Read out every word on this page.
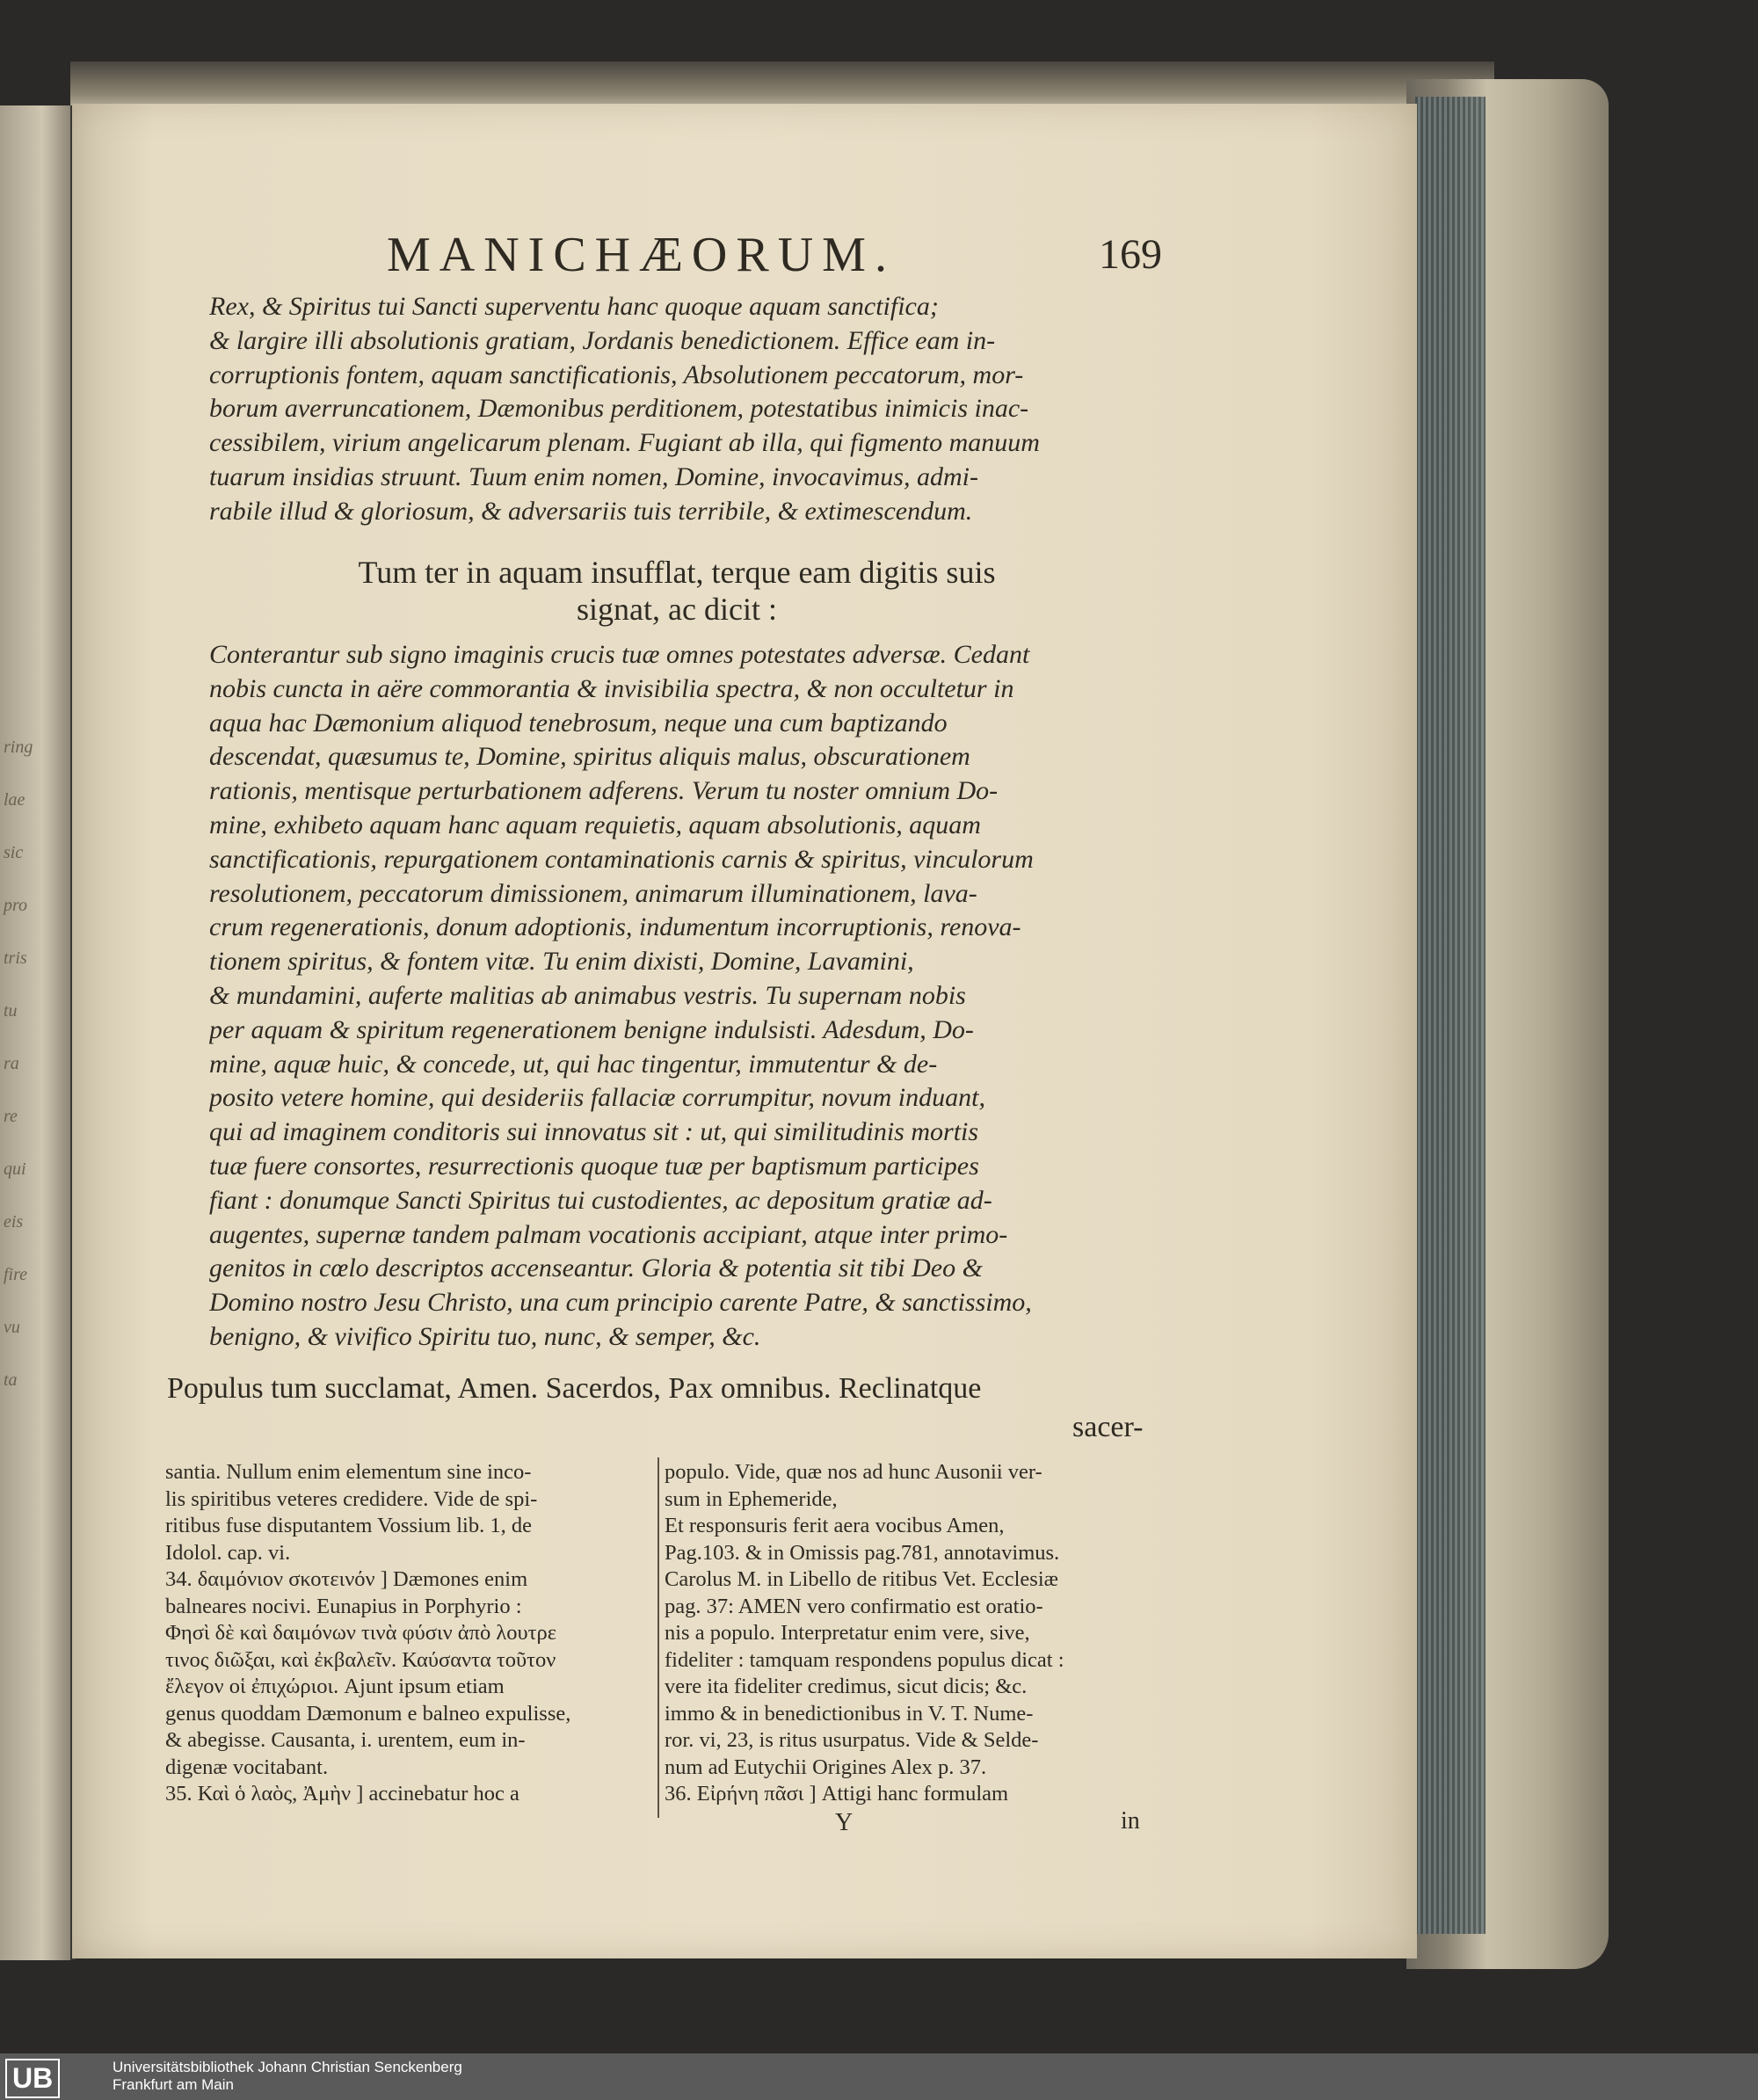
ring
lae
sic
pro
tris
tu
ra
re
qui
eis
fire
vu
ta
MANICHÆORUM.	169
Rex, & Spiritus tui Sancti superventu hanc quoque aquam sanctifica;
& largire illi absolutionis gratiam, Jordanis benedictionem. Effice eam in-
corruptionis fontem, aquam sanctificationis, Absolutionem peccatorum, mor-
borum averruncationem, Dæmonibus perditionem, potestatibus inimicis inac-
cessibilem, virium angelicarum plenam. Fugiant ab illa, qui figmento manuum
tuarum insidias struunt. Tuum enim nomen, Domine, invocavimus, admi-
rabile illud & gloriosum, & adversariis tuis terribile, & extimescendum.
Tum ter in aquam insufflat, terque eam digitis suis
signat, ac dicit :
Conterantur sub signo imaginis crucis tuæ omnes potestates adversæ. Cedant
nobis cuncta in aëre commorantia & invisibilia spectra, & non occultetur in
aqua hac Dæmonium aliquod tenebrosum, neque una cum baptizando
descendat, quæsumus te, Domine, spiritus aliquis malus, obscurationem
rationis, mentisque perturbationem adferens. Verum tu noster omnium Do-
mine, exhibeto aquam hanc aquam requietis, aquam absolutionis, aquam
sanctificationis, repurgationem contaminationis carnis & spiritus, vinculorum
resolutionem, peccatorum dimissionem, animarum illuminationem, lava-
crum regenerationis, donum adoptionis, indumentum incorruptionis, renova-
tionem spiritus, & fontem vitæ. Tu enim dixisti, Domine, Lavamini,
& mundamini, auferte malitias ab animabus vestris. Tu supernam nobis
per aquam & spiritum regenerationem benigne indulsisti. Adesdum, Do-
mine, aquæ huic, & concede, ut, qui hac tingentur, immutentur & de-
posito vetere homine, qui desideriis fallaciæ corrumpitur, novum induant,
qui ad imaginem conditoris sui innovatus sit : ut, qui similitudinis mortis
tuæ fuere consortes, resurrectionis quoque tuæ per baptismum participes
fiant : donumque Sancti Spiritus tui custodientes, ac depositum gratiæ ad-
augentes, supernæ tandem palmam vocationis accipiant, atque inter primo-
genitos in cœlo descriptos accenseantur. Gloria & potentia sit tibi Deo &
Domino nostro Jesu Christo, una cum principio carente Patre, & sanctissimo,
benigno, & vivifico Spiritu tuo, nunc, & semper, &c.
Populus tum succlamat, Amen. Sacerdos, Pax omnibus. Reclinatque
sacer-
santia. Nullum enim elementum sine inco-
lis spiritibus veteres credidere. Vide de spi-
ritibus fuse disputantem Vossium lib. 1, de
Idolol. cap. vi.
34. δαιμόνιον σκοτεινόν ] Dæmones enim
balneares nocivi. Eunapius in Porphyrio :
Φησὶ δὲ καὶ δαιμόνων τινὰ φύσιν ἀπὸ λουτρε
τινος διῶξαι, καὶ ἐκβαλεῖν. Καύσαντα τοῦτον
ἔλεγον οἱ ἐπιχώριοι. Ajunt ipsum etiam
genus quoddam Dæmonum e balneo expulisse,
& abegisse. Causanta, i. urentem, eum in-
digenæ vocitabant.
35. Καὶ ὁ λαὸς, Ἀμὴν ] accinebatur hoc a
populo. Vide, quæ nos ad hunc Ausonii ver-
sum in Ephemeride,
Et responsuris ferit aera vocibus Amen,
Pag.103. & in Omissis pag.781, annotavimus.
Carolus M. in Libello de ritibus Vet. Ecclesiæ
pag. 37: AMEN vero confirmatio est oratio-
nis a populo. Interpretatur enim vere, sive,
fideliter : tamquam respondens populus dicat :
vere ita fideliter credimus, sicut dicis; &c.
immo & in benedictionibus in V. T. Nume-
ror. vi, 23, is ritus usurpatus. Vide & Selde-
num ad Eutychii Origines Alex p. 37.
36. Εἰρήνη πᾶσι ] Attigi hanc formulam
Y	in
UB	Universitätsbibliothek Johann Christian Senckenberg
Frankfurt am Main
